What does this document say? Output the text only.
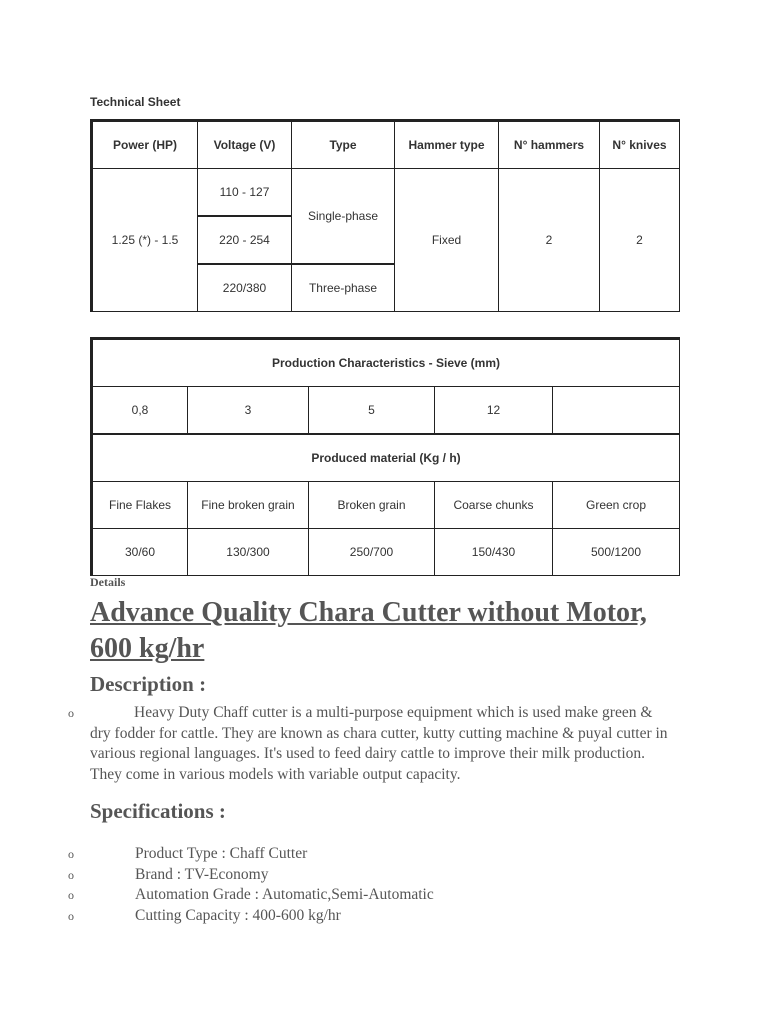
Technical Sheet
Power (HP)	Voltage (V)	Type	Hammer type	N° hammers	N° knives
1.25 (*) - 1.5	110 - 127	Single-phase	Fixed	2	2
	220 - 254				
	220/380	Three-phase			
Production Characteristics - Sieve (mm)				
0,8	3	5	12	
Produced material (Kg / h)				
Fine Flakes	Fine broken grain	Broken grain	Coarse chunks	Green crop
30/60	130/300	250/700	150/430	500/1200
Details
Advance Quality Chara Cutter without Motor, 600 kg/hr
Description :
o	Heavy Duty Chaff cutter is a multi-purpose equipment which is used make green & dry fodder for cattle. They are known as chara cutter, kutty cutting machine & puyal cutter in various regional languages. It's used to feed dairy cattle to improve their milk production. They come in various models with variable output capacity.

Specifications :
o	Product Type : Chaff Cutter
o	Brand : TV-Economy
o	Automation Grade : Automatic,Semi-Automatic
o	Cutting Capacity : 400-600 kg/hr
